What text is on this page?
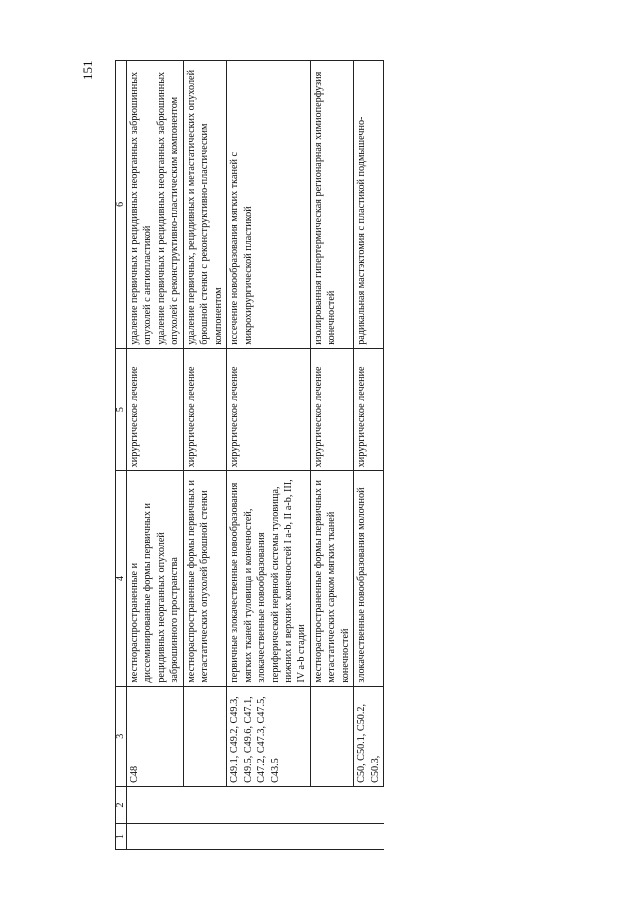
151
1	2	3	4	5	6
		С48	местнораспространенные и диссеминированные формы первичных и рецидивных неорганных опухолей забрюшинного пространства	хирургическое лечение	удаление первичных и рецидивных неорганных забрюшинных опухолей с ангиопластикой удаление первичных и рецидивных неорганных забрюшинных опухолей с реконструктивно-пластическим компонентом

			местнораспространенные формы первичных и метастатических опухолей брюшной стенки	хирургическое лечение	удаление первичных, рецидивных и метастатических опухолей брюшной стенки с реконструктивно-пластическим компонентом

		С49.1, С49.2, С49.3, С49.5, С49.6, С47.1, С47.2, С47.3, С47.5, С43.5	первичные злокачественные новообразования мягких тканей туловища и конечностей, злокачественные новообразования периферической нервной системы туловища, нижних и верхних конечностей I a-b, II a-b, III, IV a-b стадии	хирургическое лечение	иссечение новообразования мягких тканей с микрохирургической пластикой

			местнораспространенные формы первичных и метастатических сарком мягких тканей конечностей	хирургическое лечение	изолированная гипертермическая регионарная химиоперфузия конечностей

		С50, С50.1, С50.2, С50.3,	злокачественные новообразования молочной	хирургическое лечение	радикальная мастэктомия с пластикой подмышечно-
